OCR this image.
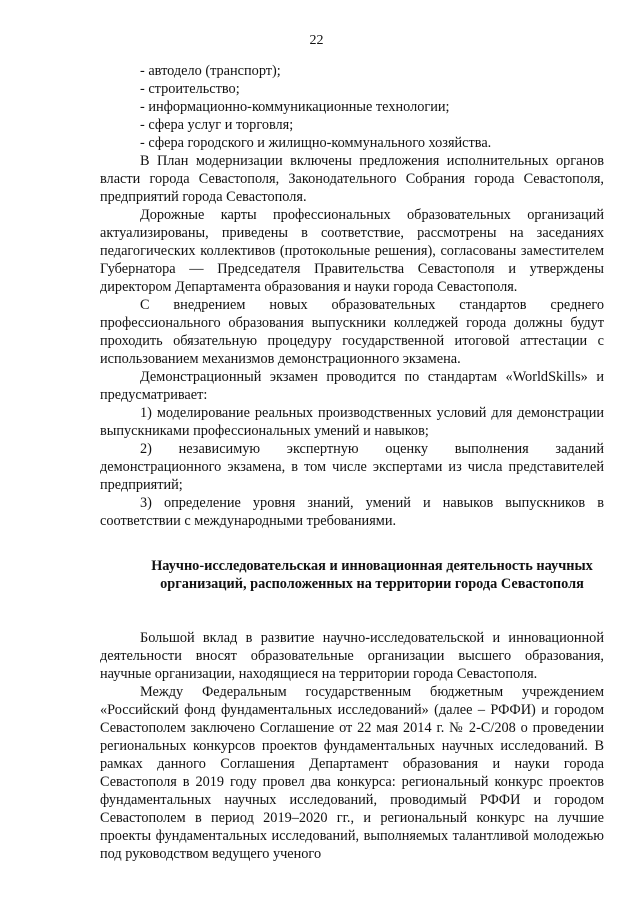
22
- автодело (транспорт);
- строительство;
- информационно-коммуникационные технологии;
- сфера услуг и торговля;
- сфера городского и жилищно-коммунального хозяйства.
В План модернизации включены предложения исполнительных органов власти города Севастополя, Законодательного Собрания города Севастополя, предприятий города Севастополя.
Дорожные карты профессиональных образовательных организаций актуализированы, приведены в соответствие, рассмотрены на заседаниях педагогических коллективов (протокольные решения), согласованы заместителем Губернатора — Председателя Правительства Севастополя и утверждены директором Департамента образования и науки города Севастополя.
С внедрением новых образовательных стандартов среднего профессионального образования выпускники колледжей города должны будут проходить обязательную процедуру государственной итоговой аттестации с использованием механизмов демонстрационного экзамена.
Демонстрационный экзамен проводится по стандартам «WorldSkills» и предусматривает:
1) моделирование реальных производственных условий для демонстрации выпускниками профессиональных умений и навыков;
2) независимую экспертную оценку выполнения заданий демонстрационного экзамена, в том числе экспертами из числа представителей предприятий;
3) определение уровня знаний, умений и навыков выпускников в соответствии с международными требованиями.
Научно-исследовательская и инновационная деятельность научных организаций, расположенных на территории города Севастополя
Большой вклад в развитие научно-исследовательской и инновационной деятельности вносят образовательные организации высшего образования, научные организации, находящиеся на территории города Севастополя.
Между Федеральным государственным бюджетным учреждением «Российский фонд фундаментальных исследований» (далее – РФФИ) и городом Севастополем заключено Соглашение от 22 мая 2014 г. № 2-С/208 о проведении региональных конкурсов проектов фундаментальных научных исследований. В рамках данного Соглашения Департамент образования и науки города Севастополя в 2019 году провел два конкурса: региональный конкурс проектов фундаментальных научных исследований, проводимый РФФИ и городом Севастополем в период 2019–2020 гг., и региональный конкурс на лучшие проекты фундаментальных исследований, выполняемых талантливой молодежью под руководством ведущего ученого
